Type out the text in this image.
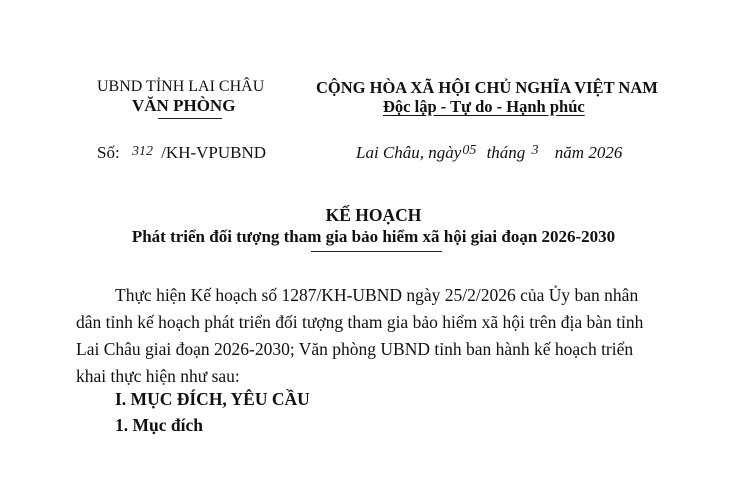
UBND TỈNH LAI CHÂU
VĂN PHÒNG
CỘNG HÒA XÃ HỘI CHỦ NGHĨA VIỆT NAM
Độc lập - Tự do - Hạnh phúc
Số: 312 /KH-VPUBND	Lai Châu, ngày$^{05}$ tháng $^3$ năm 2026
KẾ HOẠCH
Phát triển đối tượng tham gia bảo hiểm xã hội giai đoạn 2026-2030
Thực hiện Kế hoạch số 1287/KH-UBND ngày 25/2/2026 của Ủy ban nhân
dân tỉnh kế hoạch phát triển đối tượng tham gia bảo hiểm xã hội trên địa bàn tỉnh
Lai Châu giai đoạn 2026-2030; Văn phòng UBND tỉnh ban hành kế hoạch triển
khai thực hiện như sau:
I. MỤC ĐÍCH, YÊU CẦU
1. Mục đích
